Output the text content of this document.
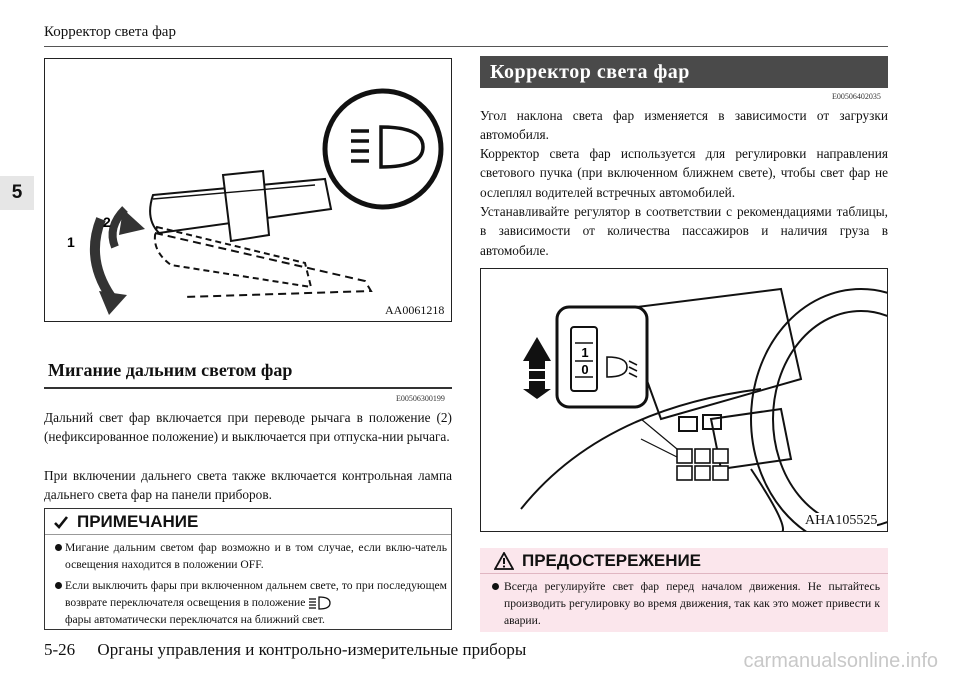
Корректор света фар
5
1
2
AA0061218
Мигание дальним светом фар
E00506300199
Дальний свет фар включается при переводе рычага в положение (2) (нефиксированное положение) и выключается при отпуска-нии рычага.
При включении дальнего света также включается контрольная лампа дальнего света фар на панели приборов.
ПРИМЕЧАНИЕ
Мигание дальним светом фар возможно и в том случае, если вклю-чатель освещения находится в положении OFF.
Если выключить фары при включенном дальнем свете, то при последующем возврате переключателя освещения в положение
фары автоматически переключатся на ближний свет.
Корректор света фар
E00506402035
Угол наклона света фар изменяется в зависимости от загрузки автомобиля.
Корректор света фар используется для регулировки направления светового пучка (при включенном ближнем свете), чтобы свет фар не ослеплял водителей встречных автомобилей.
Устанавливайте регулятор в соответствии с рекомендациями таблицы, в зависимости от количества пассажиров и наличия груза в автомобиле.
1
0
AHA105525
ПРЕДОСТЕРЕЖЕНИЕ
Всегда регулируйте свет фар перед началом движения. Не пытайтесь производить регулировку во время движения, так как это может привести к аварии.
5-26 Органы управления и контрольно-измерительные приборы
carmanualsonline.info
